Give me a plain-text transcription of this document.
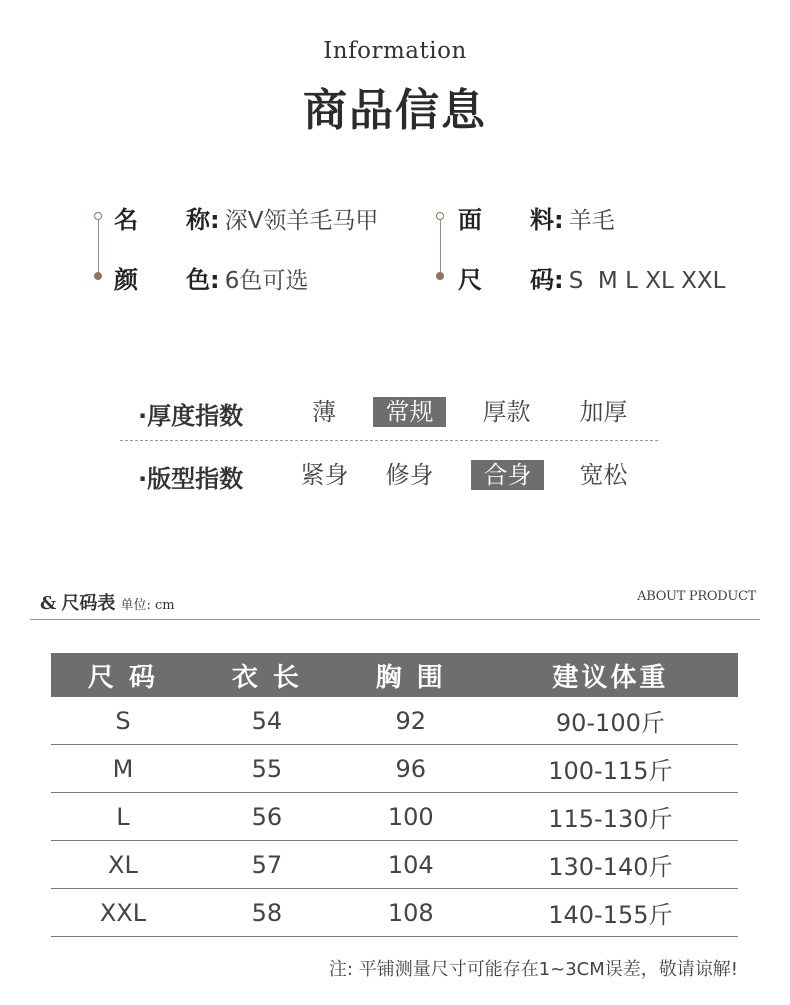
Information
商品信息
名　　称: 深V领羊毛马甲
颜　　色: 6色可选
面　　料: 羊毛
尺　　码: S  M L XL XXL
·厚度指数	薄	常规	厚款	加厚
·版型指数	紧身	修身	合身	宽松
& 尺码表 单位: cm
ABOUT PRODUCT
尺 码	衣 长	胸 围	建议体重
S	54	92	90-100斤
M	55	96	100-115斤
L	56	100	115-130斤
XL	57	104	130-140斤
XXL	58	108	140-155斤
注: 平铺测量尺寸可能存在1~3CM误差，敬请谅解!
